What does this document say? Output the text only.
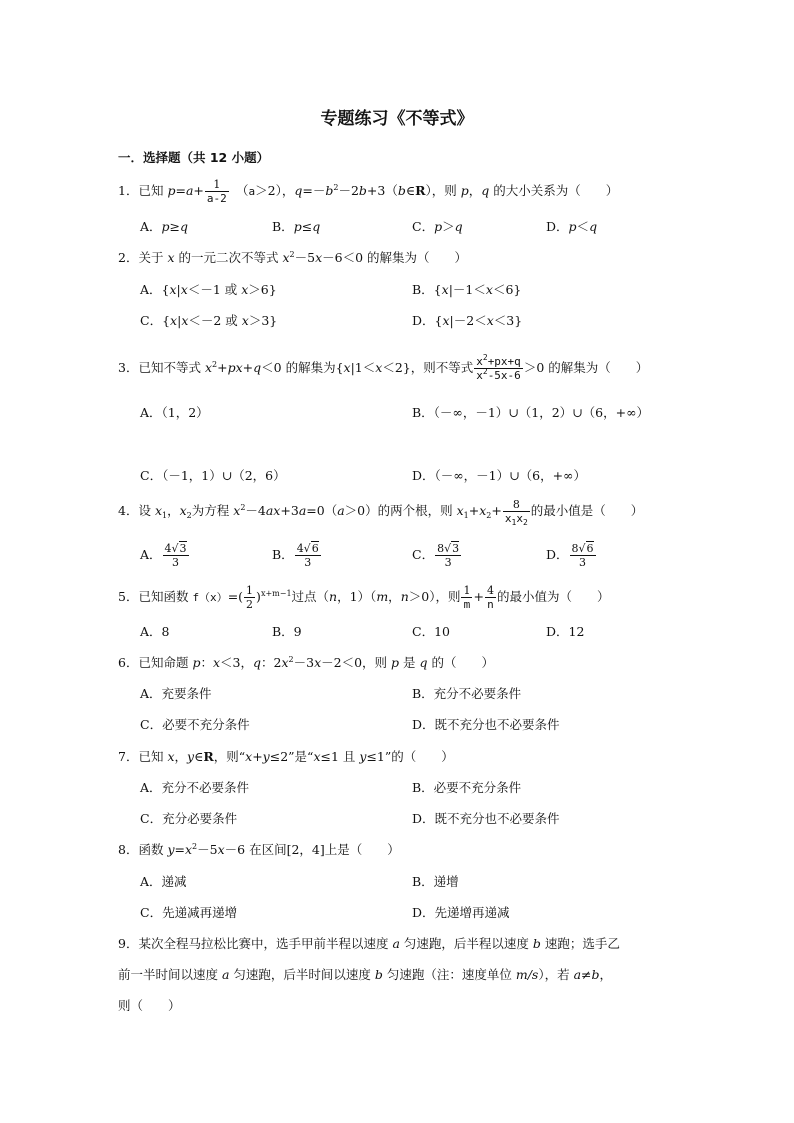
专题练习《不等式》
一．选择题（共 12 小题）
1．已知 $p=a+ \frac{1}{a-2}$ 　（a＞2），$q=-b^2-2b+3(b\in R)$，则 p，q 的大小关系为（　　）
A．p≥q	B．p≤q	C．p＞q	D．p＜q
2．关于 x 的一元二次不等式 $x^2-5x-6<0$ 的解集为（　　）
A．{x|x＜－1 或 x＞6}	B．{x|－1＜x＜6}
C．{x|x＜－2 或 x＞3}	D．{x|－2＜x＜3}
3．已知不等式 $x^2+px+q<0$ 的解集为{x|1＜x＜2}，则不等式 $\frac{x^2+px+q}{x^2-5x-6} >0$ 的解集为（　　）
A．（1，2）	B．（－∞，－1）∪（1，2）∪（6，+∞）
C．（－1，1）∪（2，6）	D．（－∞，－1）∪（6，+∞）
4．设 $x_1$，$x_2$为方程 $x^2-4ax+3a=0(a>0)$的两个根，则 $x_1+x_2+ \frac{8}{x_1x_2}$ 的最小值是（　　）
A． $\frac{4√3}{3}$	B． $\frac{4√6}{3}$	C． $\frac{8√3}{3}$	D． $\frac{8√6}{3}$
5．已知函数 $f(x)=( \frac{1}{2} )^{x+m-1}$过点（n，1）（m，n＞0），则 $\frac{1}{m} + \frac{4}{n}$ 的最小值为（　　）
A．8	B．9	C．10	D．12
6．已知命题 p：x＜3，q：$2x^2-3x-2<0$，则 p 是 q 的（　　）
A．充要条件	B．充分不必要条件
C．必要不充分条件	D．既不充分也不必要条件
7．已知 x，y∈R，则“x+y≤2”是“x≤1 且 y≤1”的（　　）
A．充分不必要条件	B．必要不充分条件
C．充分必要条件	D．既不充分也不必要条件
8．函数 $y=x^2-5x-6$ 在区间[2，4]上是（　　）
A．递减	B．递增
C．先递减再递增	D．先递增再递减
9．某次全程马拉松比赛中，选手甲前半程以速度 a 匀速跑，后半程以速度 b 速跑；选手乙
前一半时间以速度 a 匀速跑，后半时间以速度 b 匀速跑（注：速度单位 m/s），若 a≠b，
则（　　）
